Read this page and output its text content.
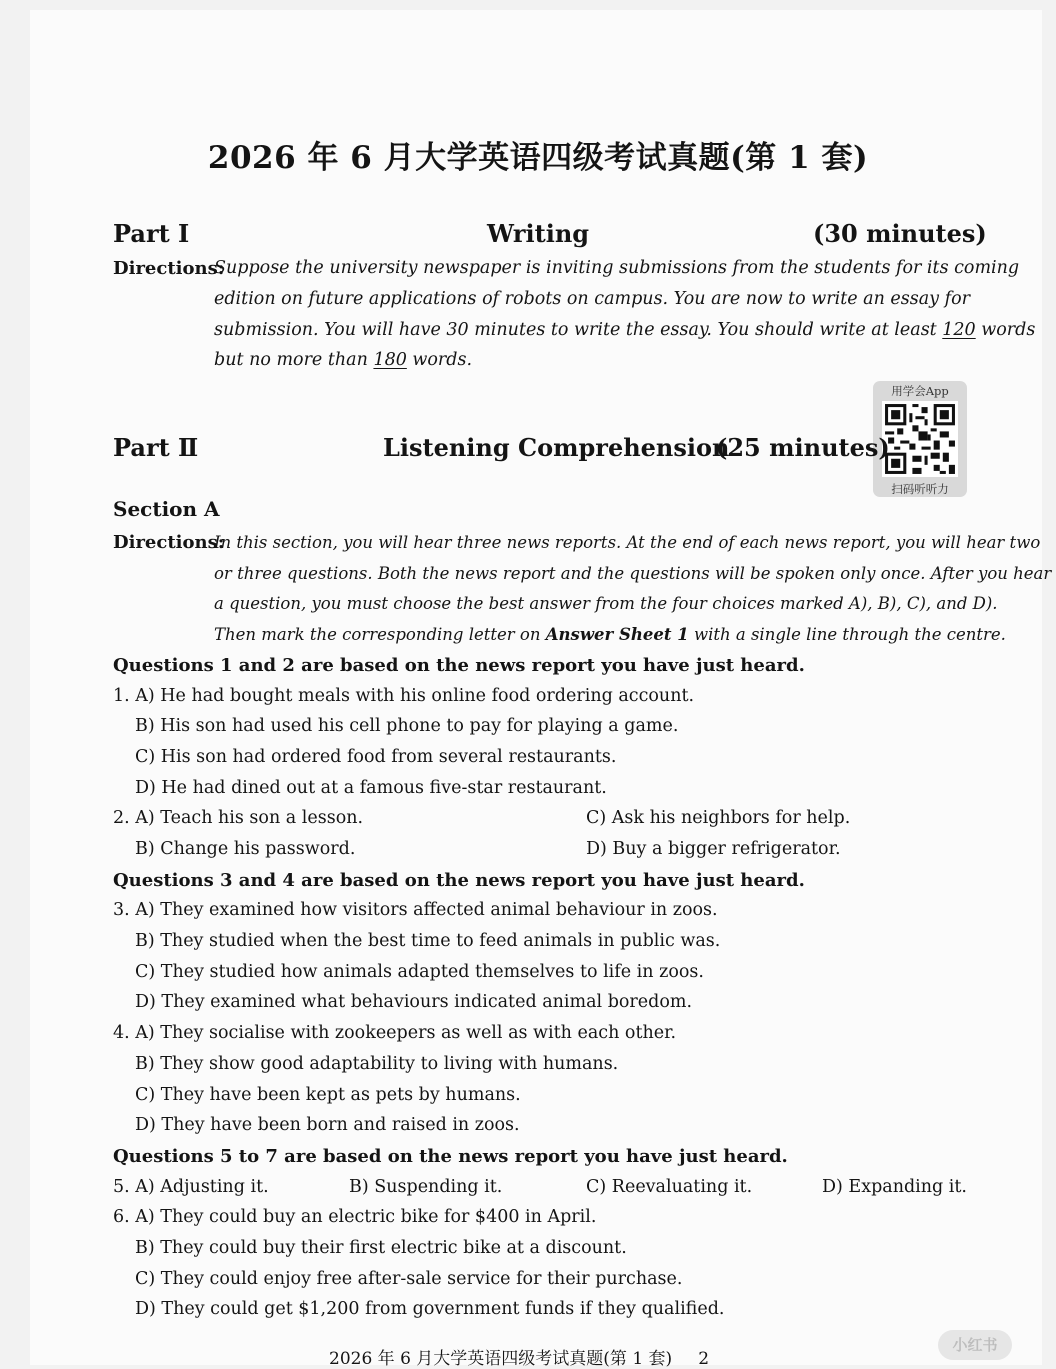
2026 年 6 月大学英语四级考试真题(第 1 套)
Part Ⅰ	Writing	(30 minutes)
Directions:
Suppose the university newspaper is inviting submissions from the students for its coming
edition on future applications of robots on campus. You are now to write an essay for
submission. You will have 30 minutes to write the essay. You should write at least 120 words
but no more than 180 words.
用学会App
扫码听听力
Part Ⅱ	Listening Comprehension
(25 minutes)
Section A
Directions:
In this section, you will hear three news reports. At the end of each news report, you will hear two
or three questions. Both the news report and the questions will be spoken only once. After you hear
a question, you must choose the best answer from the four choices marked A), B), C), and D).
Then mark the corresponding letter on Answer Sheet 1 with a single line through the centre.
Questions 1 and 2 are based on the news report you have just heard.
1. A) He had bought meals with his online food ordering account.
B) His son had used his cell phone to pay for playing a game.
C) His son had ordered food from several restaurants.
D) He had dined out at a famous five-star restaurant.
2. A) Teach his son a lesson.	C) Ask his neighbors for help.
B) Change his password.	D) Buy a bigger refrigerator.
Questions 3 and 4 are based on the news report you have just heard.
3. A) They examined how visitors affected animal behaviour in zoos.
B) They studied when the best time to feed animals in public was.
C) They studied how animals adapted themselves to life in zoos.
D) They examined what behaviours indicated animal boredom.
4. A) They socialise with zookeepers as well as with each other.
B) They show good adaptability to living with humans.
C) They have been kept as pets by humans.
D) They have been born and raised in zoos.
Questions 5 to 7 are based on the news report you have just heard.
5. A) Adjusting it.	B) Suspending it.	C) Reevaluating it.	D) Expanding it.
6. A) They could buy an electric bike for $400 in April.
B) They could buy their first electric bike at a discount.
C) They could enjoy free after-sale service for their purchase.
D) They could get $1,200 from government funds if they qualified.
2026 年 6 月大学英语四级考试真题(第 1 套) 2
小红书
